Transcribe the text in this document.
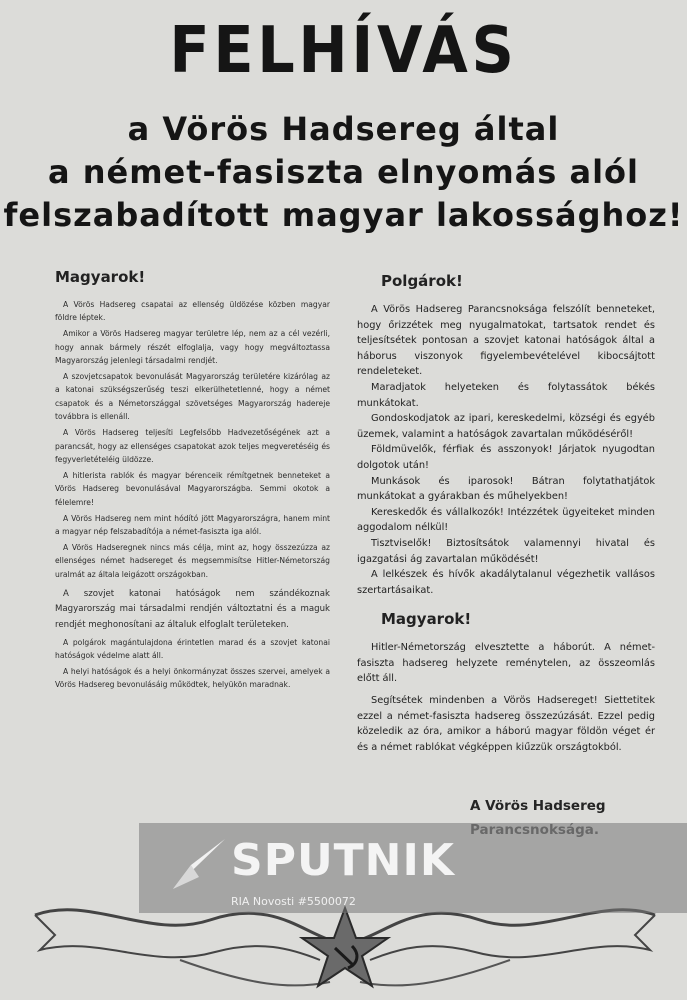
FELHÍVÁS
a Vörös Hadsereg által
a német-fasiszta elnyomás alól
felszabadított magyar lakossághoz!
Magyarok!

A Vörös Hadsereg csapatai az ellenség üldözése közben magyar földre léptek.

Amikor a Vörös Hadsereg magyar területre lép, nem az a cél vezérli, hogy annak bármely részét elfoglalja, vagy hogy megváltoztassa Magyarország jelenlegi társadalmi rendjét.

A szovjetcsapatok bevonulását Magyarország területére kizárólag az a katonai szükségszerűség teszi elkerülhetetlenné, hogy a német csapatok és a Németországgal szövetséges Magyarország haderejе továbbra is ellenáll.

A Vörös Hadsereg teljesíti Legfelsőbb Hadvezetőségének azt a parancsát, hogy az ellenséges csapatokat azok teljes megveretéséig és fegyverletételéig üldözze.

A hitlerista rablók és magyar bérenceik rémítgetnek benneteket a Vörös Hadsereg bevonulásával Magyarországba. Semmi okotok a félelemre!

A Vörös Hadsereg nem mint hódító jött Magyarországra, hanem mint a magyar nép felszabadítója a német-fasiszta iga alól.

A Vörös Hadseregnek nincs más célja, mint az, hogy összezúzza az ellenséges német hadsereget és megsemmisítse Hitler-Németország uralmát az általa leigázott országokban.

A szovjet katonai hatóságok nem szándékoznak Magyarország mai társadalmi rendjén változtatni és a maguk rendjét meghonosítani az általuk elfoglalt területeken.

A polgárok magántulajdona érintetlen marad és a szovjet katonai hatóságok védelme alatt áll.

A helyi hatóságok és a helyi önkormányzat összes szervei, amelyek a Vörös Hadsereg bevonulásáig működtek, helyükön maradnak.

Polgárok!

A Vörös Hadsereg Parancsnoksága felszólít benneteket, hogy őrizzétek meg nyugalmatokat, tartsatok rendet és teljesítsétek pontosan a szovjet katonai hatóságok által a háborus viszonyok figyelembevételével kibocsájtott rendeleteket.

Maradjatok helyeteken és folytassátok békés munkátokat.

Gondoskodjatok az ipari, kereskedelmi, községi és egyéb üzemek, valamint a hatóságok zavartalan működéséről!

Földmüvelők, férfiak és asszonyok! Járjatok nyugodtan dolgotok után!

Munkások és iparosok! Bátran folytathatjátok munkátokat a gyárakban és műhelyekben!

Kereskedők és vállalkozók! Intézzétek ügyeiteket minden aggodalom nélkül!

Tisztviselők! Biztosítsátok valamennyi hivatal és igazgatási ág zavartalan működését!

A lelkészek és hívők akadálytalanul végezhetik vallásos szertartásaikat.

Magyarok!

Hitler-Németország elvesztette a háborút. A német-fasiszta hadsereg helyzete reménytelen, az összeomlás előtt áll.

Segítsétek mindenben a Vörös Hadsereget! Siettetitek ezzel a német-fasiszta hadsereg összezúzását. Ezzel pedig közeledik az óra, amikor a háború magyar földön véget ér és a német rablókat végképpen kiűzzük országtokból.

A Vörös Hadsereg
SPUTNIK
RIA Novosti #5500072
